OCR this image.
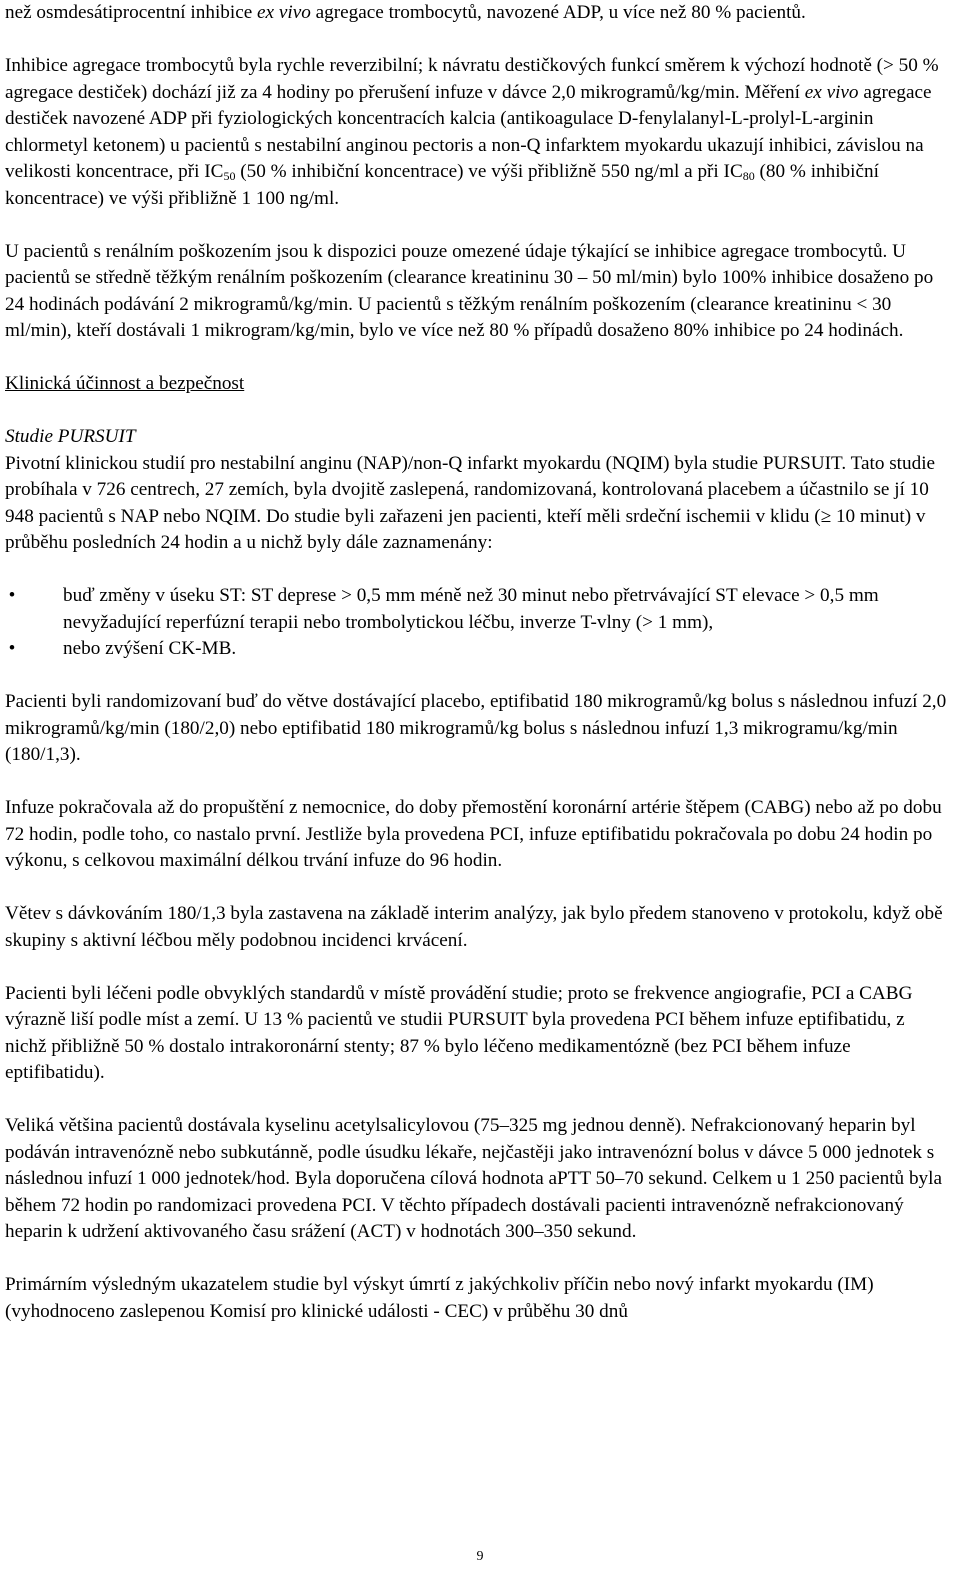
než osmdesátiprocentní inhibice ex vivo agregace trombocytů, navozené ADP, u více než 80 % pacientů.

Inhibice agregace trombocytů byla rychle reverzibilní; k návratu destičkových funkcí směrem k výchozí hodnotě (> 50 % agregace destiček) dochází již za 4 hodiny po přerušení infuze v dávce 2,0 mikrogramů/kg/min. Měření ex vivo agregace destiček navozené ADP při fyziologických koncentracích kalcia (antikoagulace D-fenylalanyl-L-prolyl-L-arginin chlormetyl ketonem) u pacientů s nestabilní anginou pectoris a non-Q infarktem myokardu ukazují inhibici, závislou na velikosti koncentrace, při $IC_{50}$ (50 % inhibiční koncentrace) ve výši přibližně 550 ng/ml a při $IC_{80}$ (80 % inhibiční koncentrace) ve výši přibližně 1 100 ng/ml.

U pacientů s renálním poškozením jsou k dispozici pouze omezené údaje týkající se inhibice agregace trombocytů. U pacientů se středně těžkým renálním poškozením (clearance kreatininu 30 – 50 ml/min) bylo 100% inhibice dosaženo po 24 hodinách podávání 2 mikrogramů/kg/min. U pacientů s těžkým renálním poškozením (clearance kreatininu < 30 ml/min), kteří dostávali 1 mikrogram/kg/min, bylo ve více než 80 % případů dosaženo 80% inhibice po 24 hodinách.

Klinická účinnost a bezpečnost

Studie PURSUIT

Pivotní klinickou studií pro nestabilní anginu (NAP)/non-Q infarkt myokardu (NQIM) byla studie PURSUIT. Tato studie probíhala v 726 centrech, 27 zemích, byla dvojitě zaslepená, randomizovaná, kontrolovaná placebem a účastnilo se jí 10 948 pacientů s NAP nebo NQIM. Do studie byli zařazeni jen pacienti, kteří měli srdeční ischemii v klidu (≥ 10 minut) v průběhu posledních 24 hodin a u nichž byly dále zaznamenány:

• buď změny v úseku ST: ST deprese > 0,5 mm méně než 30 minut nebo přetrvávající ST elevace > 0,5 mm nevyžadující reperfúzní terapii nebo trombolytickou léčbu, inverze T-vlny (> 1 mm),
• nebo zvýšení CK-MB.

Pacienti byli randomizovaní buď do větve dostávající placebo, eptifibatid 180 mikrogramů/kg bolus s následnou infuzí 2,0 mikrogramů/kg/min (180/2,0) nebo eptifibatid 180 mikrogramů/kg bolus s následnou infuzí 1,3 mikrogramu/kg/min (180/1,3).

Infuze pokračovala až do propuštění z nemocnice, do doby přemostění koronární artérie štěpem (CABG) nebo až po dobu 72 hodin, podle toho, co nastalo první. Jestliže byla provedena PCI, infuze eptifibatidu pokračovala po dobu 24 hodin po výkonu, s celkovou maximální délkou trvání infuze do 96 hodin.

Větev s dávkováním 180/1,3 byla zastavena na základě interim analýzy, jak bylo předem stanoveno v protokolu, když obě skupiny s aktivní léčbou měly podobnou incidenci krvácení.

Pacienti byli léčeni podle obvyklých standardů v místě provádění studie; proto se frekvence angiografie, PCI a CABG výrazně liší podle míst a zemí. U 13 % pacientů ve studii PURSUIT byla provedena PCI během infuze eptifibatidu, z nichž přibližně 50 % dostalo intrakoronární stenty; 87 % bylo léčeno medikamentózně (bez PCI během infuze eptifibatidu).

Veliká většina pacientů dostávala kyselinu acetylsalicylovou (75–325 mg jednou denně). Nefrakcionovaný heparin byl podáván intravenózně nebo subkutánně, podle úsudku lékaře, nejčastěji jako intravenózní bolus v dávce 5 000 jednotek s následnou infuzí 1 000 jednotek/hod. Byla doporučena cílová hodnota aPTT 50–70 sekund. Celkem u 1 250 pacientů byla během 72 hodin po randomizaci provedena PCI. V těchto případech dostávali pacienti intravenózně nefrakcionovaný heparin k udržení aktivovaného času srážení (ACT) v hodnotách 300–350 sekund.

Primárním výsledným ukazatelem studie byl výskyt úmrtí z jakýchkoliv příčin nebo nový infarkt myokardu (IM) (vyhodnoceno zaslepenou Komisí pro klinické události - CEC) v průběhu 30 dnů

9
